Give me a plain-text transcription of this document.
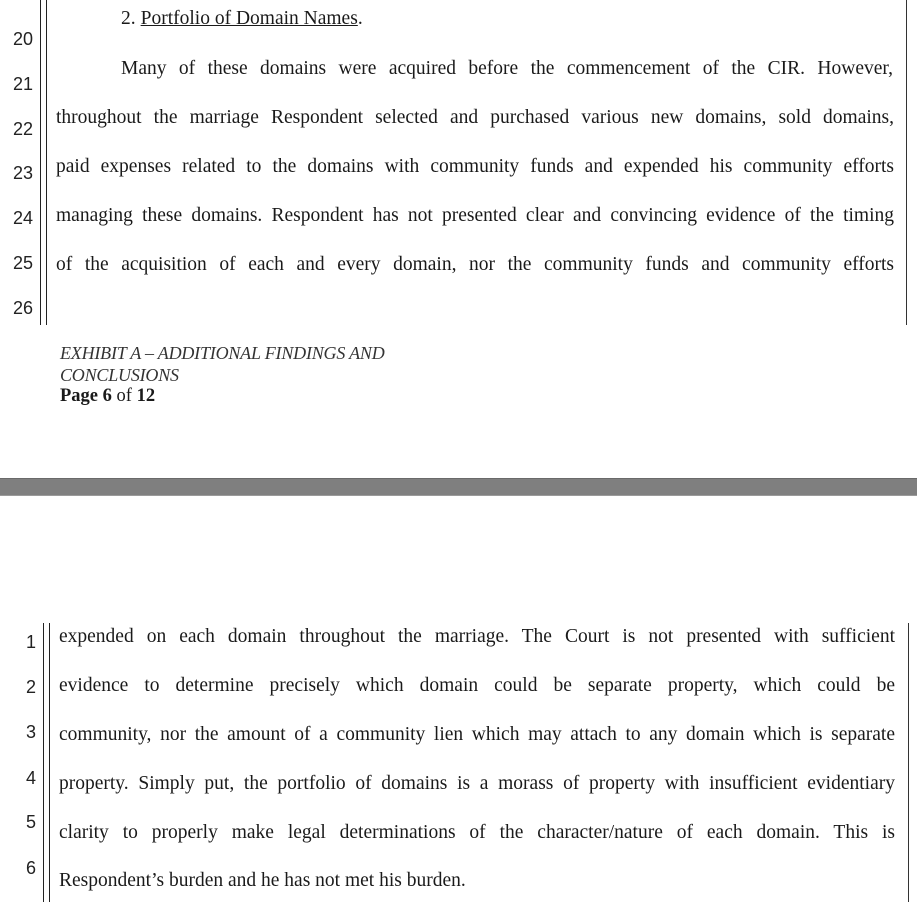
20
21
22
23
24
25
26
2. Portfolio of Domain Names.
Many of these domains were acquired before the commencement of the CIR. However,
throughout the marriage Respondent selected and purchased various new domains, sold domains,
paid expenses related to the domains with community funds and expended his community efforts
managing these domains. Respondent has not presented clear and convincing evidence of the timing
of the acquisition of each and every domain, nor the community funds and community efforts
EXHIBIT A – ADDITIONAL FINDINGS AND
CONCLUSIONS
Page 6 of 12
1
2
3
4
5
6
expended on each domain throughout the marriage. The Court is not presented with sufficient
evidence to determine precisely which domain could be separate property, which could be
community, nor the amount of a community lien which may attach to any domain which is separate
property. Simply put, the portfolio of domains is a morass of property with insufficient evidentiary
clarity to properly make legal determinations of the character/nature of each domain. This is
Respondent’s burden and he has not met his burden.
